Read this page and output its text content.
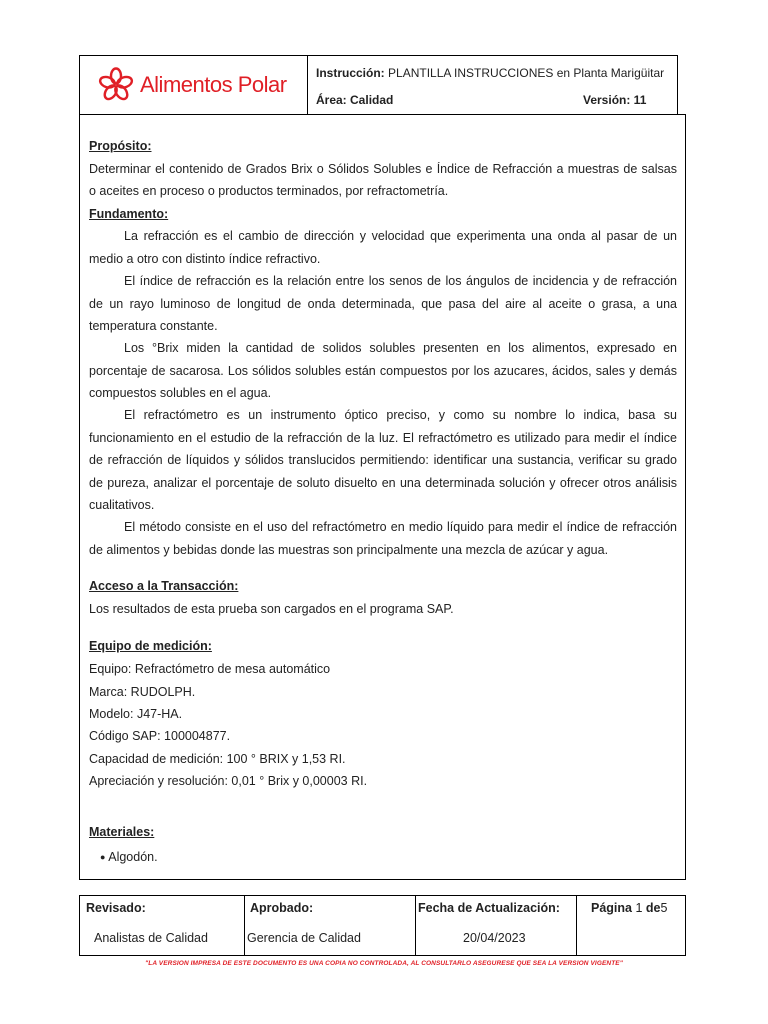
Alimentos Polar Instrucción: PLANTILLA INSTRUCCIONES en Planta Marigüitar
Área: Calidad	Versión: 11
Propósito:
Determinar el contenido de Grados Brix o Sólidos Solubles e Índice de Refracción a muestras de salsas
o aceites en proceso o productos terminados, por refractometría.
Fundamento:
La refracción es el cambio de dirección y velocidad que experimenta una onda al pasar de un
medio a otro con distinto índice refractivo.
El índice de refracción es la relación entre los senos de los ángulos de incidencia y de refracción
de un rayo luminoso de longitud de onda determinada, que pasa del aire al aceite o grasa, a una
temperatura constante.
Los °Brix miden la cantidad de solidos solubles presenten en los alimentos, expresado en
porcentaje de sacarosa. Los sólidos solubles están compuestos por los azucares, ácidos, sales y demás
compuestos solubles en el agua.
El refractómetro es un instrumento óptico preciso, y como su nombre lo indica, basa su
funcionamiento en el estudio de la refracción de la luz. El refractómetro es utilizado para medir el índice
de refracción de líquidos y sólidos translucidos permitiendo: identificar una sustancia, verificar su grado
de pureza, analizar el porcentaje de soluto disuelto en una determinada solución y ofrecer otros análisis
cualitativos.
El método consiste en el uso del refractómetro en medio líquido para medir el índice de refracción
de alimentos y bebidas donde las muestras son principalmente una mezcla de azúcar y agua.
Acceso a la Transacción:
Los resultados de esta prueba son cargados en el programa SAP.
Equipo de medición:
Equipo: Refractómetro de mesa automático
Marca: RUDOLPH.
Modelo: J47-HA.
Código SAP: 100004877.
Capacidad de medición: 100 ° BRIX y 1,53 RI.
Apreciación y resolución: 0,01 ° Brix y 0,00003 RI.
Materiales:
● Algodón.
Revisado:
Analistas de Calidad
Aprobado:
Gerencia de Calidad
Fecha de Actualización:
20/04/2023
Página 1 de5
"LA VERSION IMPRESA DE ESTE DOCUMENTO ES UNA COPIA NO CONTROLADA, AL CONSULTARLO ASEGURESE QUE SEA LA VERSION VIGENTE"
